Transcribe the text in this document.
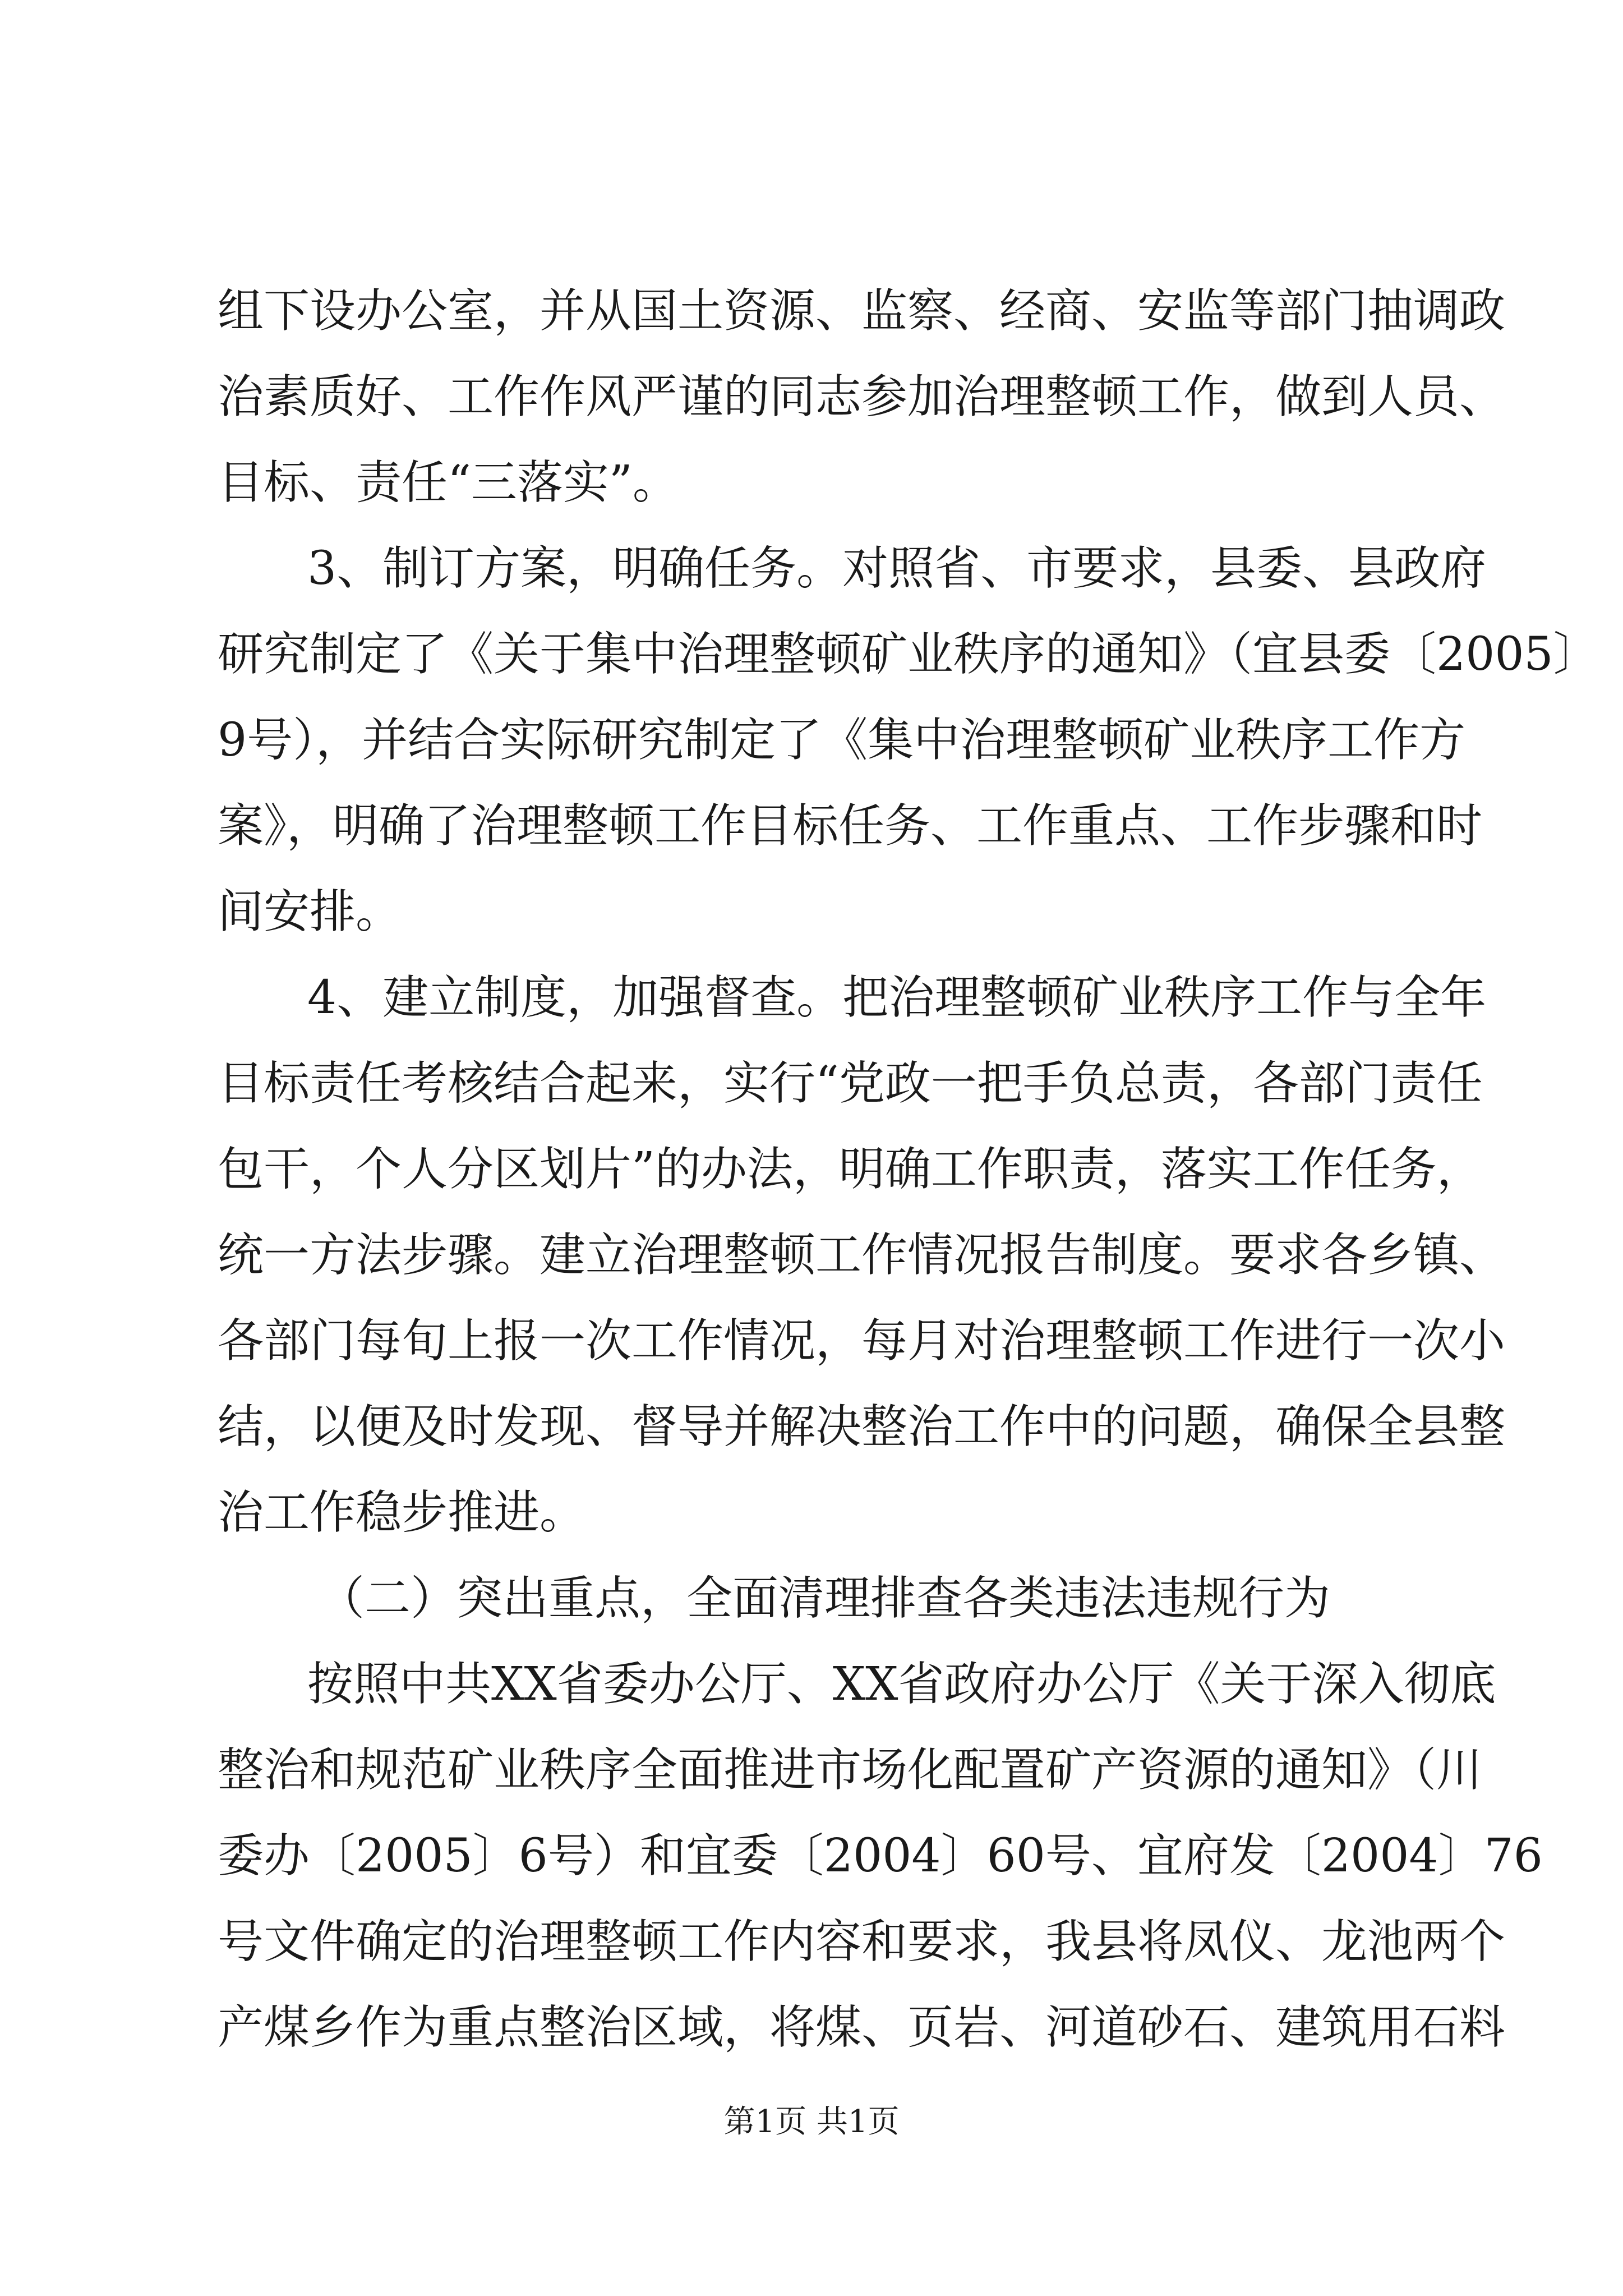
组下设办公室，并从国土资源、监察、经商、安监等部门抽调政
治素质好、工作作风严谨的同志参加治理整顿工作，做到人员、
目标、责任“三落实”。
3、制订方案，明确任务。对照省、市要求，县委、县政府
研究制定了《关于集中治理整顿矿业秩序的通知》（宜县委〔2005〕
9号），并结合实际研究制定了《集中治理整顿矿业秩序工作方
案》，明确了治理整顿工作目标任务、工作重点、工作步骤和时
间安排。
4、建立制度，加强督查。把治理整顿矿业秩序工作与全年
目标责任考核结合起来，实行“党政一把手负总责，各部门责任
包干，个人分区划片”的办法，明确工作职责，落实工作任务，
统一方法步骤。建立治理整顿工作情况报告制度。要求各乡镇、
各部门每旬上报一次工作情况，每月对治理整顿工作进行一次小
结，以便及时发现、督导并解决整治工作中的问题，确保全县整
治工作稳步推进。
（二）突出重点，全面清理排查各类违法违规行为
按照中共XX省委办公厅、XX省政府办公厅《关于深入彻底
整治和规范矿业秩序全面推进市场化配置矿产资源的通知》（川
委办〔2005〕6号）和宜委〔2004〕60号、宜府发〔2004〕76
号文件确定的治理整顿工作内容和要求，我县将凤仪、龙池两个
产煤乡作为重点整治区域，将煤、页岩、河道砂石、建筑用石料
第1页 共1页
